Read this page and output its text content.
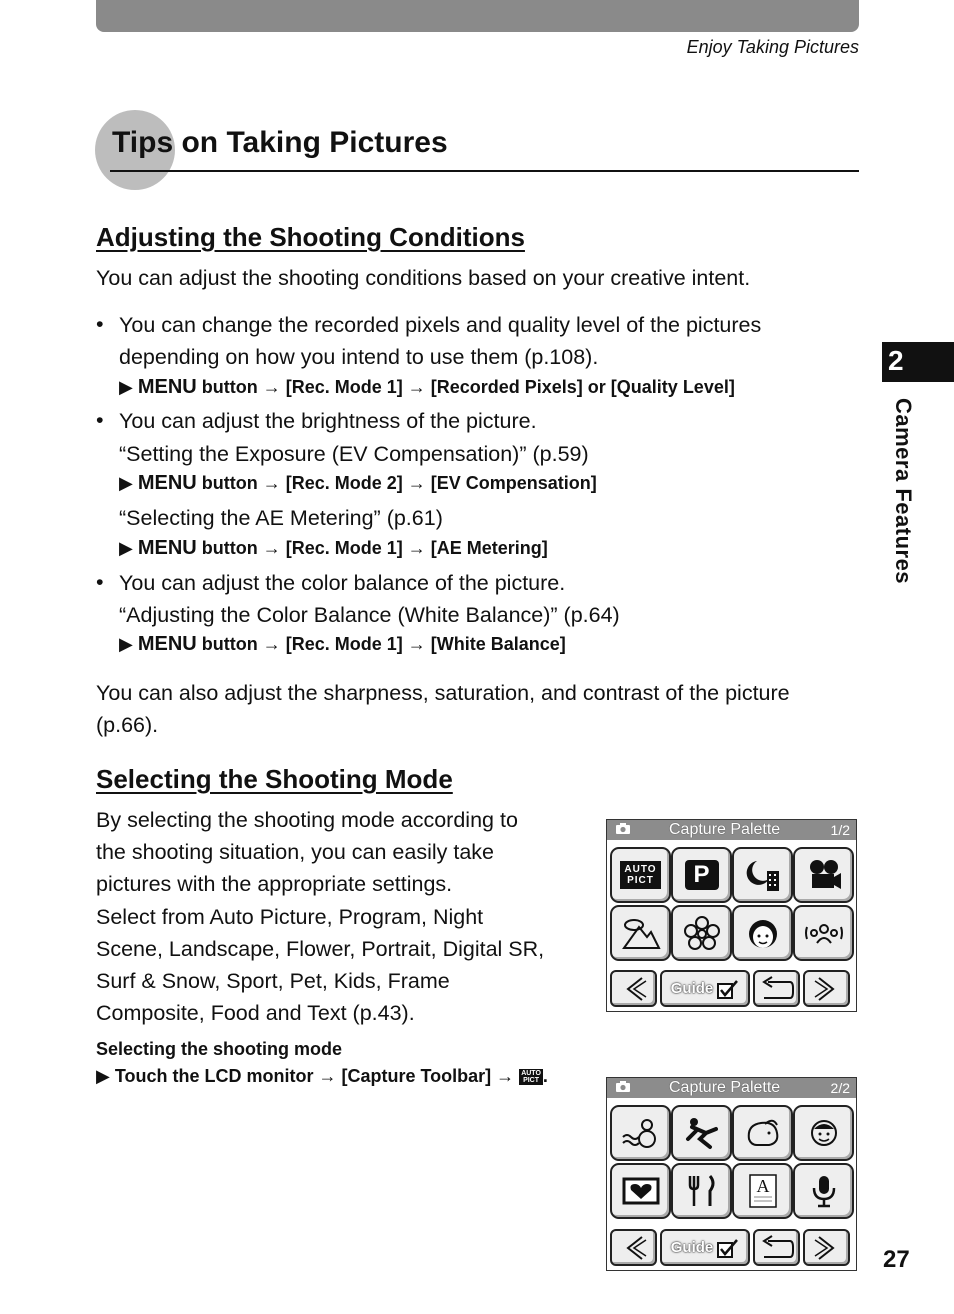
Enjoy Taking Pictures
Tips on Taking Pictures
Adjusting the Shooting Conditions

You can adjust the shooting conditions based on your creative intent.

• You can change the recorded pixels and quality level of the pictures

depending on how you intend to use them (p.108).

▶ MENU button → [Rec. Mode 1] → [Recorded Pixels] or [Quality Level]
• You can adjust the brightness of the picture.

“Setting the Exposure (EV Compensation)” (p.59)

▶ MENU button → [Rec. Mode 2] → [EV Compensation]

“Selecting the AE Metering” (p.61)

▶ MENU button → [Rec. Mode 1] → [AE Metering]
• You can adjust the color balance of the picture.

“Adjusting the Color Balance (White Balance)” (p.64)

▶ MENU button → [Rec. Mode 1] → [White Balance]

You can also adjust the sharpness, saturation, and contrast of the picture

(p.66).

Selecting the Shooting Mode

By selecting the shooting mode according to

the shooting situation, you can easily take

pictures with the appropriate settings.

Select from Auto Picture, Program, Night

Scene, Landscape, Flower, Portrait, Digital SR,

Surf & Snow, Sport, Pet, Kids, Frame

Composite, Food and Text (p.43).

Selecting the shooting mode
▶ Touch the LCD monitor → [Capture Toolbar] → AUTO
PICT .
Capture Palette	1/2
AUTO
PICT	P
Guide
Capture Palette	2/2
A
Guide
2
Camera Features
27
